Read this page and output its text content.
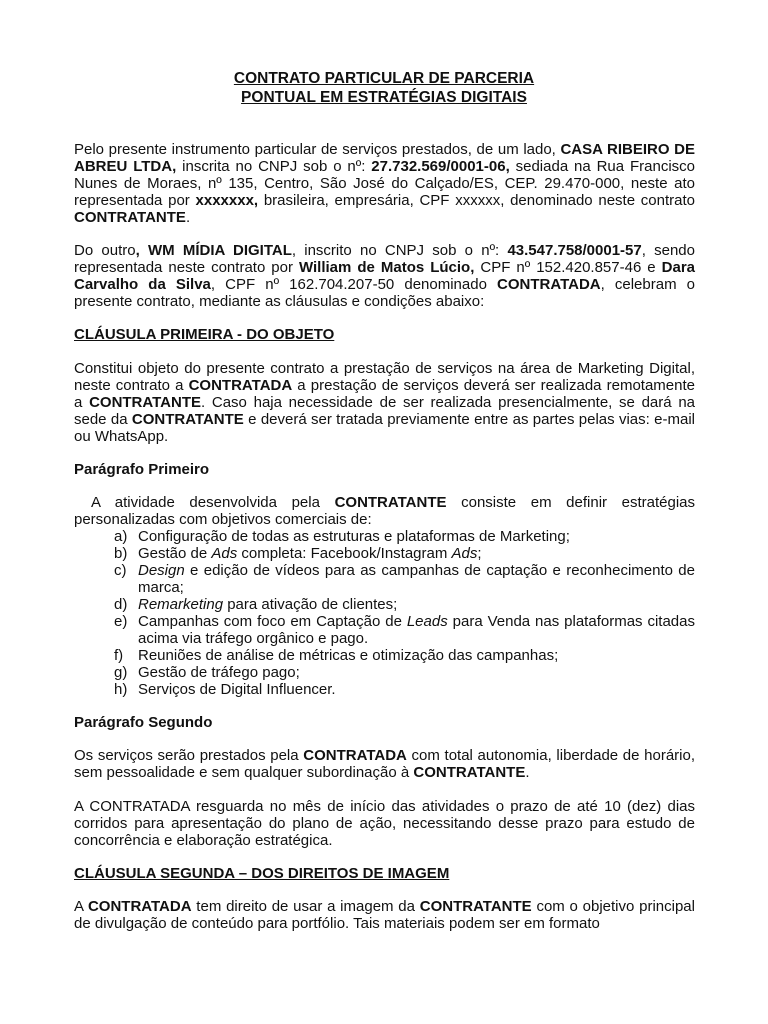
CONTRATO PARTICULAR DE PARCERIA
PONTUAL EM ESTRATÉGIAS DIGITAIS

Pelo presente instrumento particular de serviços prestados, de um lado, CASA RIBEIRO DE ABREU LTDA, inscrita no CNPJ sob o nº: 27.732.569/0001-06, sediada na Rua Francisco Nunes de Moraes, nº 135, Centro, São José do Calçado/ES, CEP. 29.470-000, neste ato representada por xxxxxxx, brasileira, empresária, CPF xxxxxx, denominado neste contrato CONTRATANTE.

Do outro, WM MÍDIA DIGITAL, inscrito no CNPJ sob o nº: 43.547.758/0001-57, sendo representada neste contrato por William de Matos Lúcio, CPF nº 152.420.857-46 e Dara Carvalho da Silva, CPF nº 162.704.207-50 denominado CONTRATADA, celebram o presente contrato, mediante as cláusulas e condições abaixo:

CLÁUSULA PRIMEIRA - DO OBJETO

Constitui objeto do presente contrato a prestação de serviços na área de Marketing Digital, neste contrato a CONTRATADA a prestação de serviços deverá ser realizada remotamente a CONTRATANTE. Caso haja necessidade de ser realizada presencialmente, se dará na sede da CONTRATANTE e deverá ser tratada previamente entre as partes pelas vias: e-mail ou WhatsApp.

Parágrafo Primeiro

A atividade desenvolvida pela CONTRATANTE consiste em definir estratégias personalizadas com objetivos comerciais de:

a) Configuração de todas as estruturas e plataformas de Marketing;
b) Gestão de Ads completa: Facebook/Instagram Ads;
c) Design e edição de vídeos para as campanhas de captação e reconhecimento de marca;
d) Remarketing para ativação de clientes;
e) Campanhas com foco em Captação de Leads para Venda nas plataformas citadas acima via tráfego orgânico e pago.
f) Reuniões de análise de métricas e otimização das campanhas;
g) Gestão de tráfego pago;
h) Serviços de Digital Influencer.
Parágrafo Segundo

Os serviços serão prestados pela CONTRATADA com total autonomia, liberdade de horário, sem pessoalidade e sem qualquer subordinação à CONTRATANTE.

A CONTRATADA resguarda no mês de início das atividades o prazo de até 10 (dez) dias corridos para apresentação do plano de ação, necessitando desse prazo para estudo de concorrência e elaboração estratégica.

CLÁUSULA SEGUNDA – DOS DIREITOS DE IMAGEM

A CONTRATADA tem direito de usar a imagem da CONTRATANTE com o objetivo principal de divulgação de conteúdo para portfólio. Tais materiais podem ser em formato
